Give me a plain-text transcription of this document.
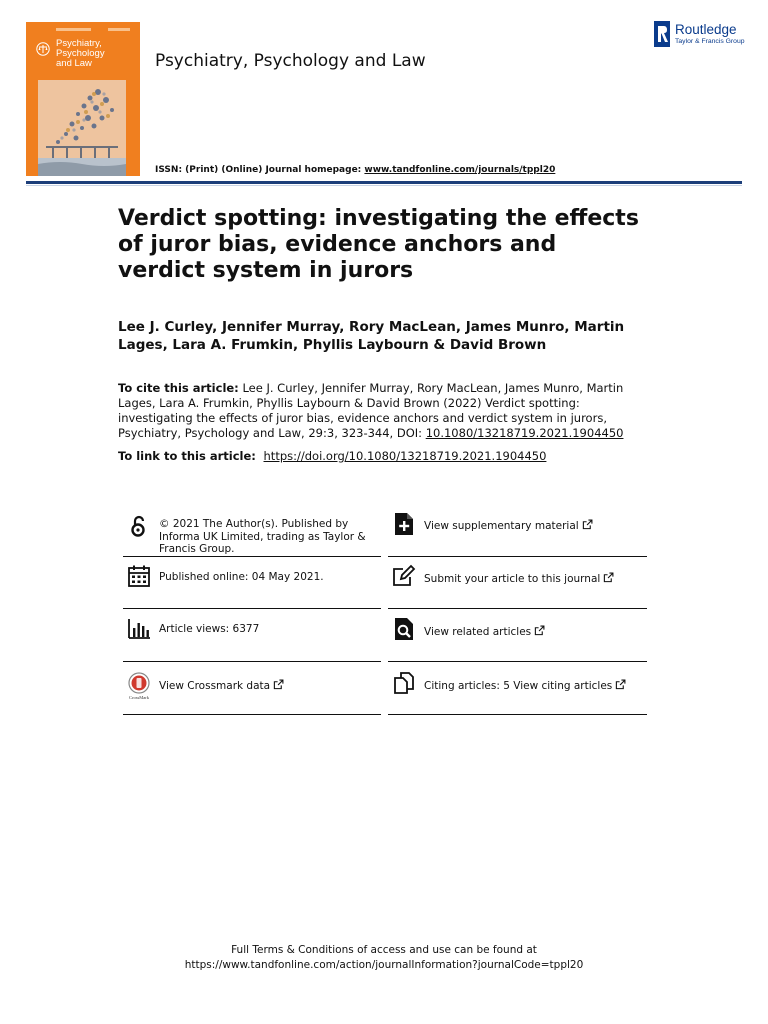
Psychiatry,
Psychology
and Law	Psychiatry, Psychology and Law
Routledge
Taylor & Francis Group
ISSN: (Print) (Online) Journal homepage: www.tandfonline.com/journals/tppl20
Verdict spotting: investigating the effects of juror bias, evidence anchors and verdict system in jurors
Lee J. Curley, Jennifer Murray, Rory MacLean, James Munro, Martin Lages, Lara A. Frumkin, Phyllis Laybourn & David Brown
To cite this article: Lee J. Curley, Jennifer Murray, Rory MacLean, James Munro, Martin Lages, Lara A. Frumkin, Phyllis Laybourn & David Brown (2022) Verdict spotting: investigating the effects of juror bias, evidence anchors and verdict system in jurors, Psychiatry, Psychology and Law, 29:3, 323-344, DOI: 10.1080/13218719.2021.1904450
To link to this article: https://doi.org/10.1080/13218719.2021.1904450
© 2021 The Author(s). Published by Informa UK Limited, trading as Taylor & Francis Group.
Published online: 04 May 2021.
Article views: 6377
CrossMark
View Crossmark data
View supplementary material
Submit your article to this journal
View related articles
Citing articles: 5 View citing articles
Full Terms & Conditions of access and use can be found at
https://www.tandfonline.com/action/journalInformation?journalCode=tppl20
